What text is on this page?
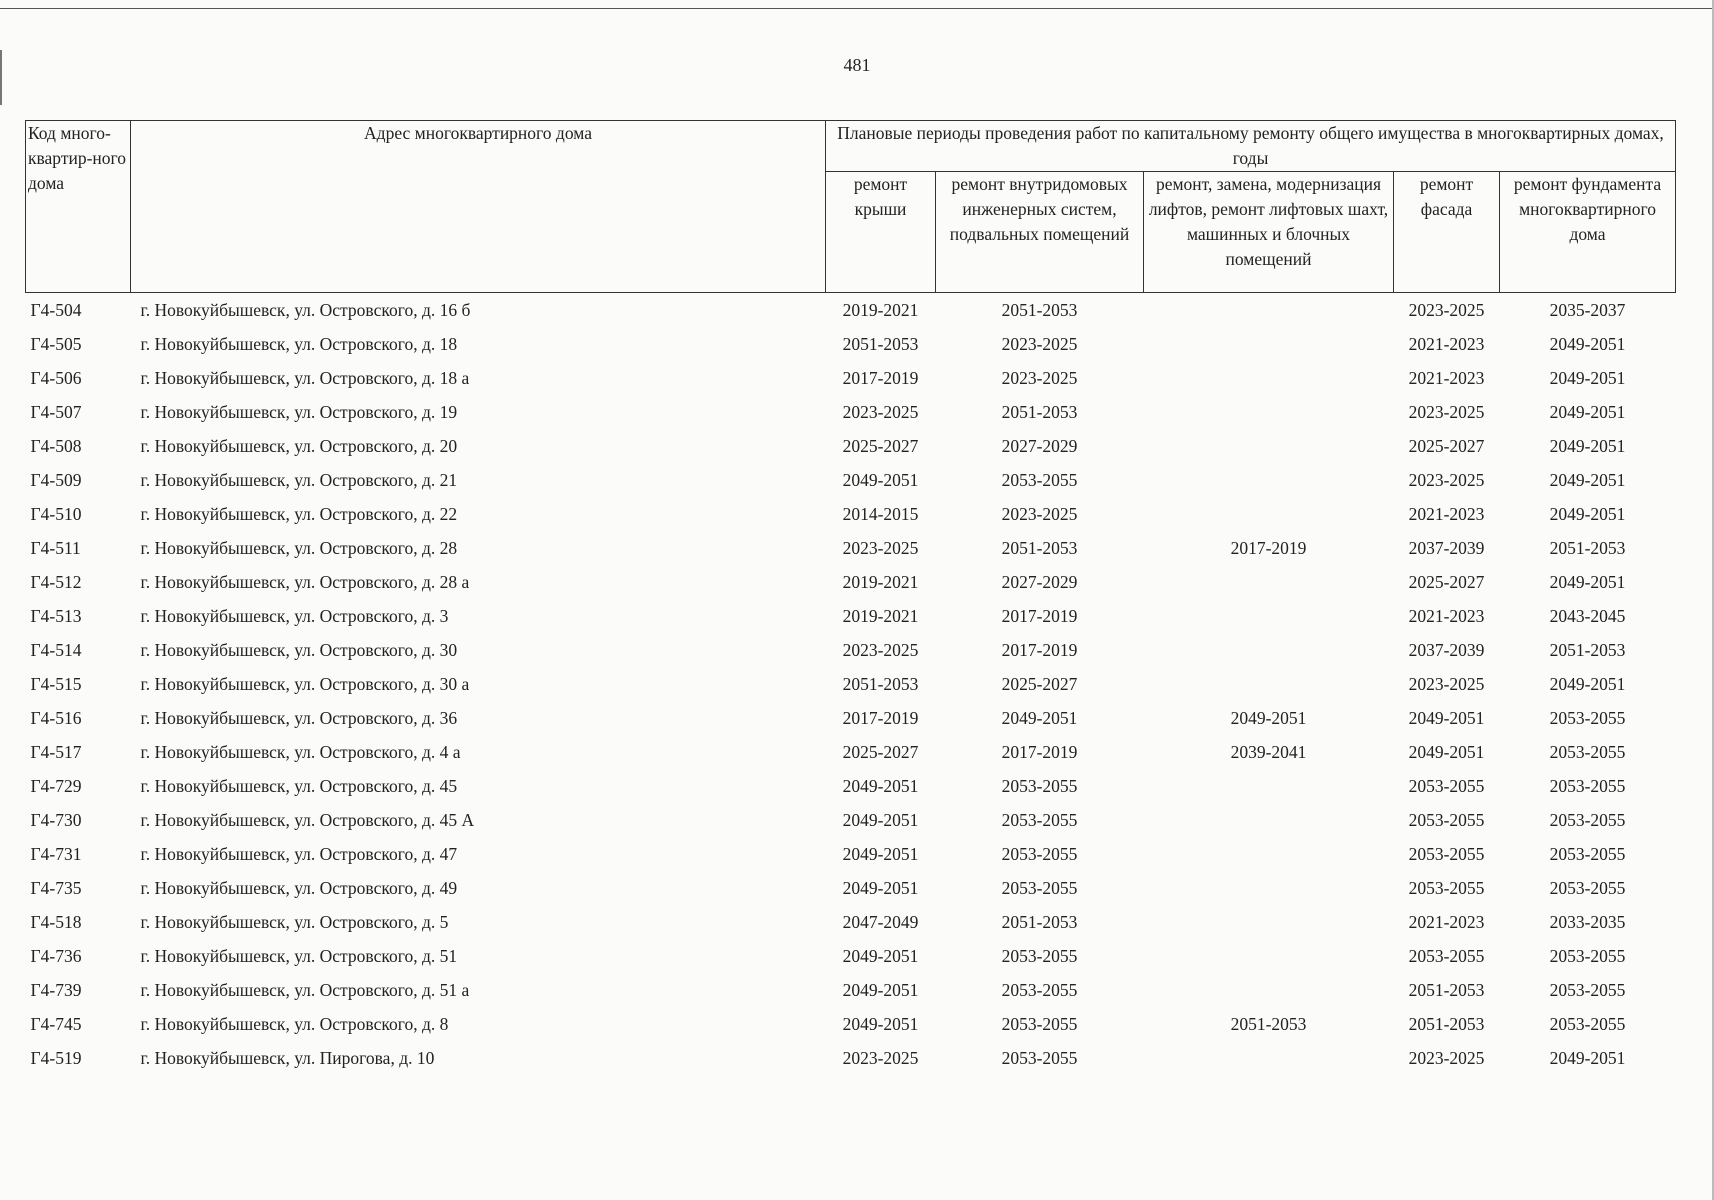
481
Код много-квартир-ного дома	Адрес многоквартирного дома	Плановые периоды проведения работ по капитальному ремонту общего имущества в многоквартирных домах, годы				
		ремонт крыши	ремонт внутридомовых инженерных систем, подвальных помещений	ремонт, замена, модернизация лифтов, ремонт лифтовых шахт, машинных и блочных помещений	ремонт фасада	ремонт фундамента многоквартирного дома
Г4-504	г. Новокуйбышевск, ул. Островского, д. 16 б	2019-2021	2051-2053		2023-2025	2035-2037
Г4-505	г. Новокуйбышевск, ул. Островского, д. 18	2051-2053	2023-2025		2021-2023	2049-2051
Г4-506	г. Новокуйбышевск, ул. Островского, д. 18 а	2017-2019	2023-2025		2021-2023	2049-2051
Г4-507	г. Новокуйбышевск, ул. Островского, д. 19	2023-2025	2051-2053		2023-2025	2049-2051
Г4-508	г. Новокуйбышевск, ул. Островского, д. 20	2025-2027	2027-2029		2025-2027	2049-2051
Г4-509	г. Новокуйбышевск, ул. Островского, д. 21	2049-2051	2053-2055		2023-2025	2049-2051
Г4-510	г. Новокуйбышевск, ул. Островского, д. 22	2014-2015	2023-2025		2021-2023	2049-2051
Г4-511	г. Новокуйбышевск, ул. Островского, д. 28	2023-2025	2051-2053	2017-2019	2037-2039	2051-2053
Г4-512	г. Новокуйбышевск, ул. Островского, д. 28 а	2019-2021	2027-2029		2025-2027	2049-2051
Г4-513	г. Новокуйбышевск, ул. Островского, д. 3	2019-2021	2017-2019		2021-2023	2043-2045
Г4-514	г. Новокуйбышевск, ул. Островского, д. 30	2023-2025	2017-2019		2037-2039	2051-2053
Г4-515	г. Новокуйбышевск, ул. Островского, д. 30 а	2051-2053	2025-2027		2023-2025	2049-2051
Г4-516	г. Новокуйбышевск, ул. Островского, д. 36	2017-2019	2049-2051	2049-2051	2049-2051	2053-2055
Г4-517	г. Новокуйбышевск, ул. Островского, д. 4 а	2025-2027	2017-2019	2039-2041	2049-2051	2053-2055
Г4-729	г. Новокуйбышевск, ул. Островского, д. 45	2049-2051	2053-2055		2053-2055	2053-2055
Г4-730	г. Новокуйбышевск, ул. Островского, д. 45 А	2049-2051	2053-2055		2053-2055	2053-2055
Г4-731	г. Новокуйбышевск, ул. Островского, д. 47	2049-2051	2053-2055		2053-2055	2053-2055
Г4-735	г. Новокуйбышевск, ул. Островского, д. 49	2049-2051	2053-2055		2053-2055	2053-2055
Г4-518	г. Новокуйбышевск, ул. Островского, д. 5	2047-2049	2051-2053		2021-2023	2033-2035
Г4-736	г. Новокуйбышевск, ул. Островского, д. 51	2049-2051	2053-2055		2053-2055	2053-2055
Г4-739	г. Новокуйбышевск, ул. Островского, д. 51 а	2049-2051	2053-2055		2051-2053	2053-2055
Г4-745	г. Новокуйбышевск, ул. Островского, д. 8	2049-2051	2053-2055	2051-2053	2051-2053	2053-2055
Г4-519	г. Новокуйбышевск, ул. Пирогова, д. 10	2023-2025	2053-2055		2023-2025	2049-2051
